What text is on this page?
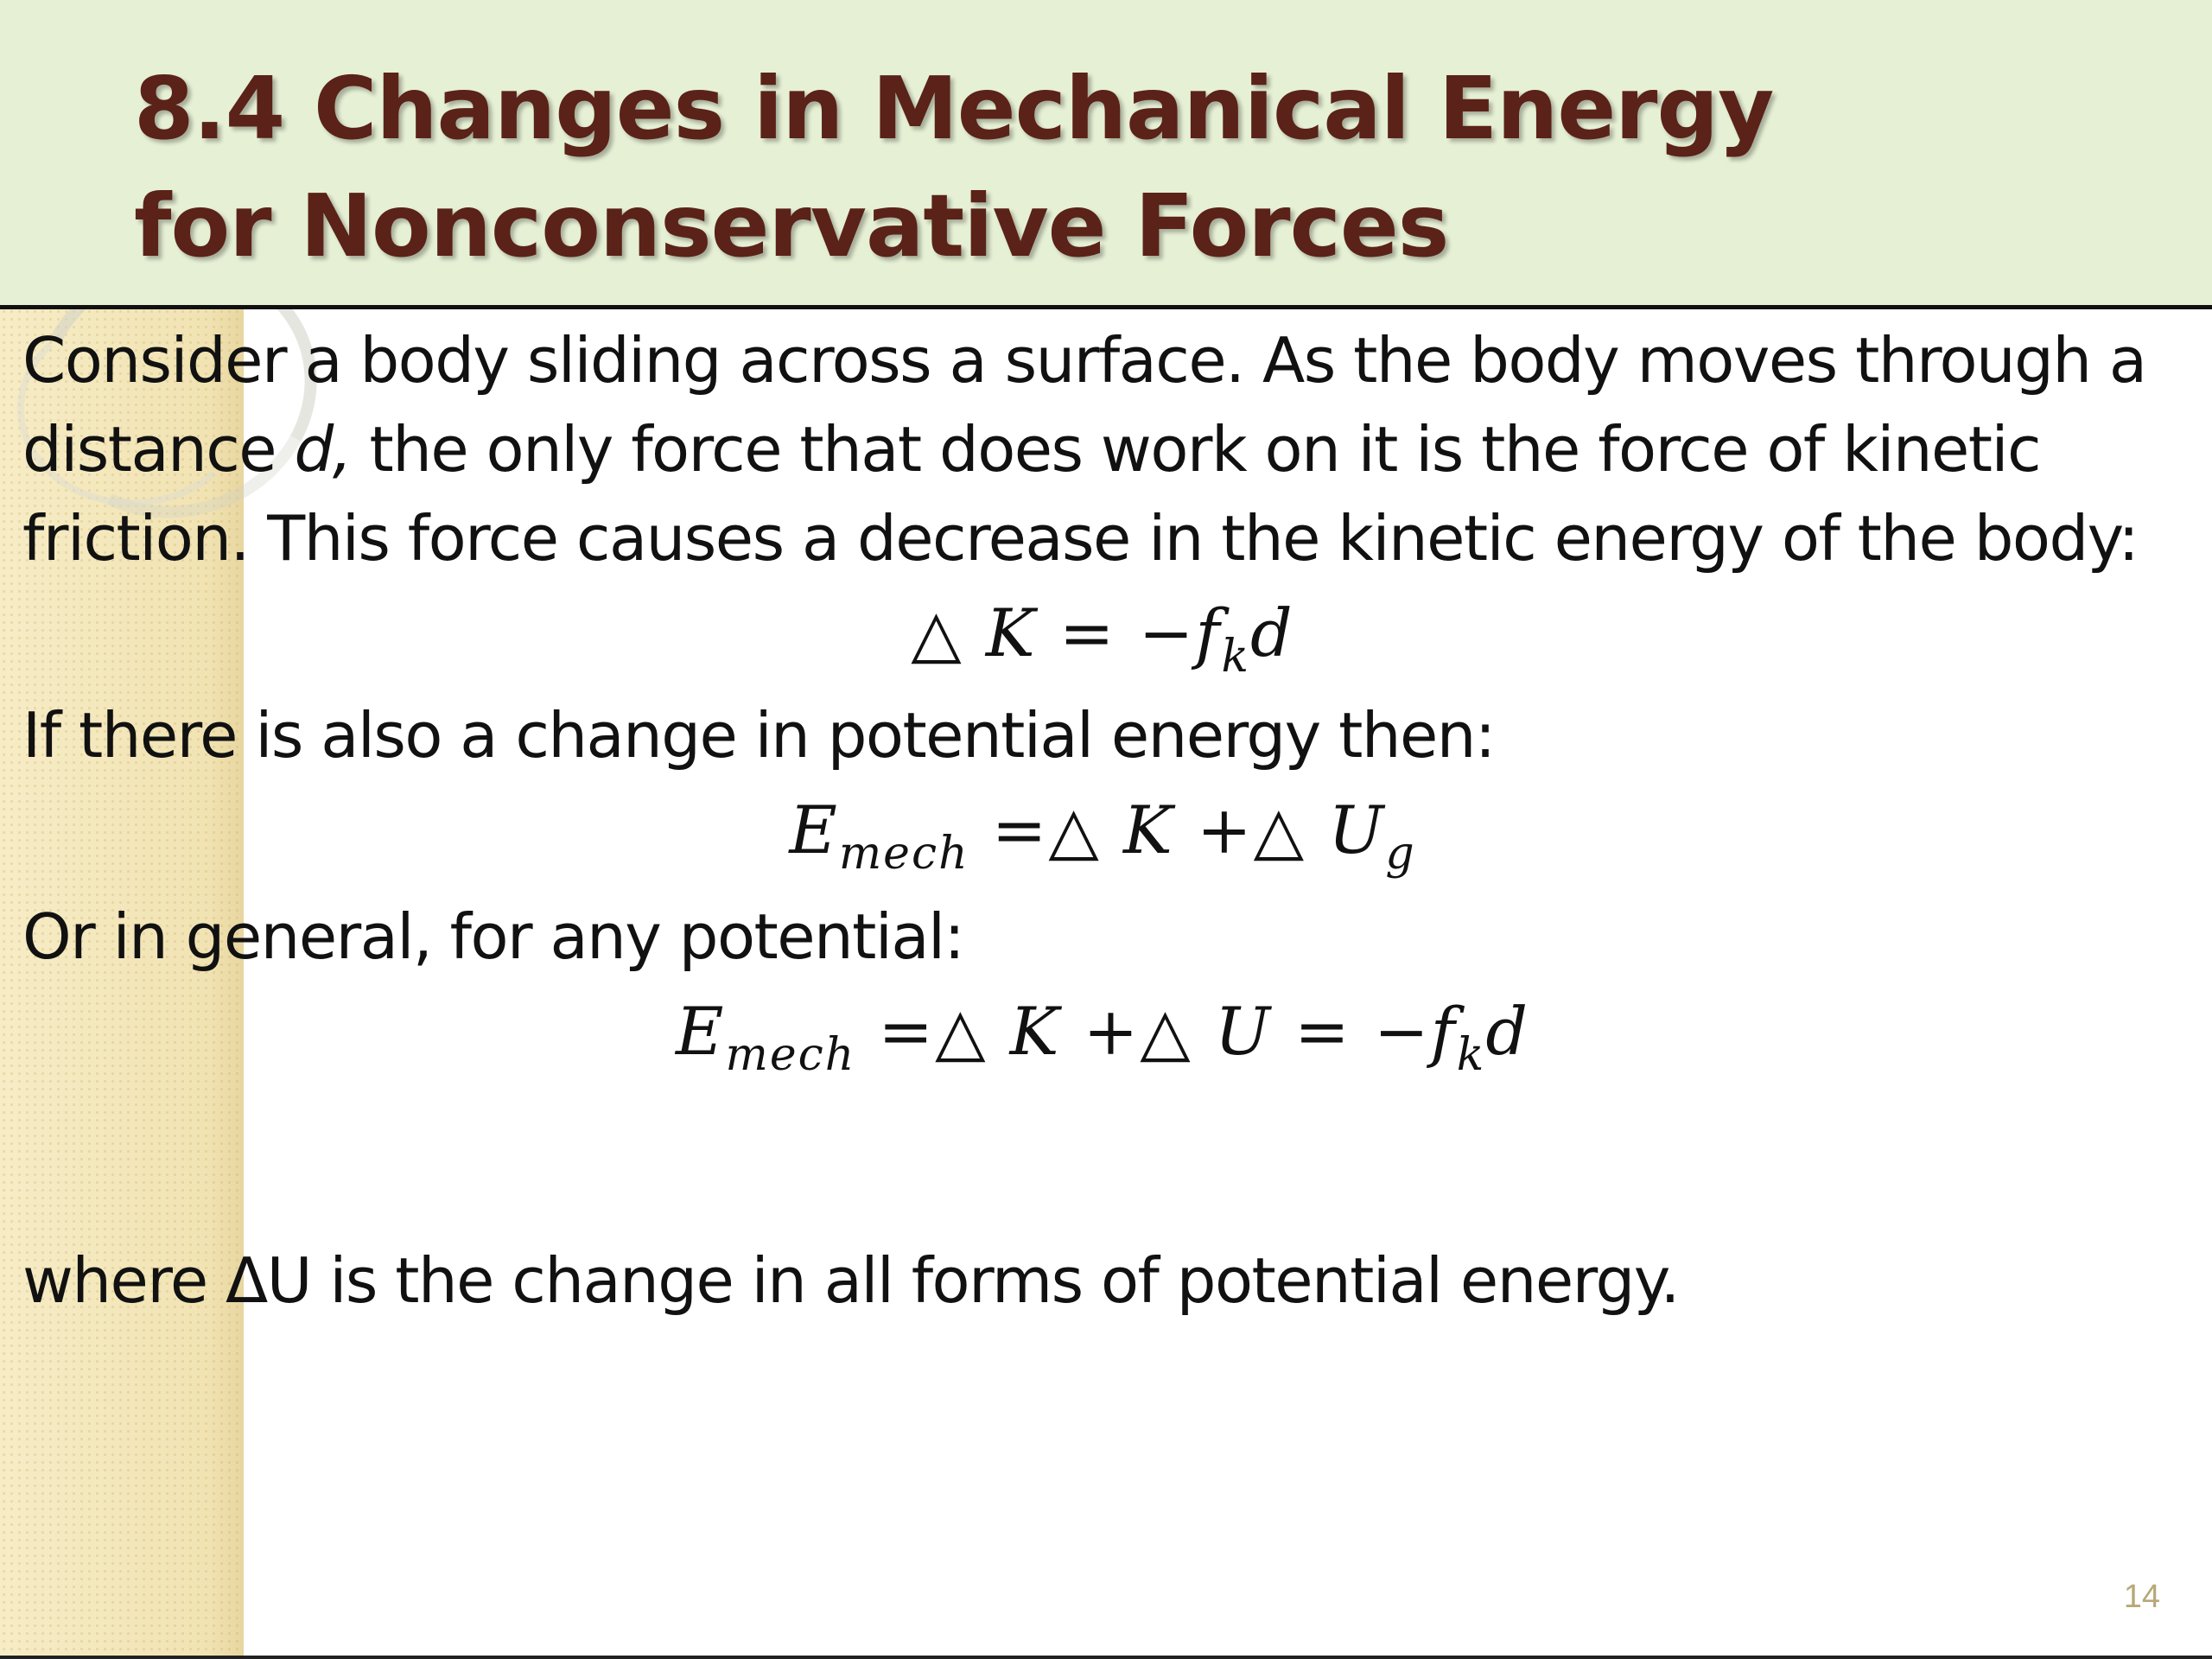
8.4 Changes in Mechanical Energy
for Nonconservative Forces

Consider a body sliding across a surface. As the body moves through a distance d, the only force that does work on it is the force of kinetic friction. This force causes a decrease in the kinetic energy of the body:

△ $K = -f_kd$

If there is also a change in potential energy then:

$E_{mech}$ =△ K +△ $U_g$

Or in general, for any potential:

$E_{mech}$ =△ K +△ $U = -f_kd$

where ΔU is the change in all forms of potential energy.

14
